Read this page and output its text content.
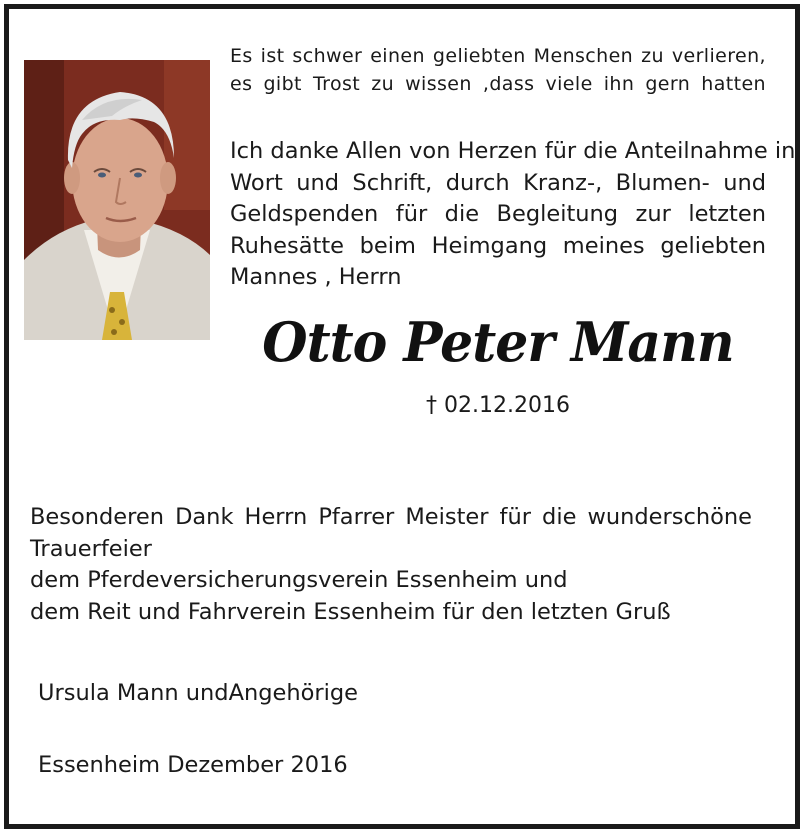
Es ist schwer einen geliebten Menschen zu verlieren,
es gibt Trost zu wissen ,dass viele ihn gern hatten
Ich danke Allen von Herzen für die Anteilnahme in
Wort und Schrift, durch Kranz-, Blumen- und
Geldspenden für die Begleitung zur letzten
Ruhesätte beim Heimgang meines geliebten
Mannes , Herrn
Otto Peter Mann
† 02.12.2016
Besonderen Dank Herrn Pfarrer Meister für die wunderschöne
Trauerfeier
dem Pferdeversicherungsverein Essenheim und
dem Reit und Fahrverein Essenheim für den letzten Gruß
Ursula Mann undAngehörige
Essenheim Dezember 2016
